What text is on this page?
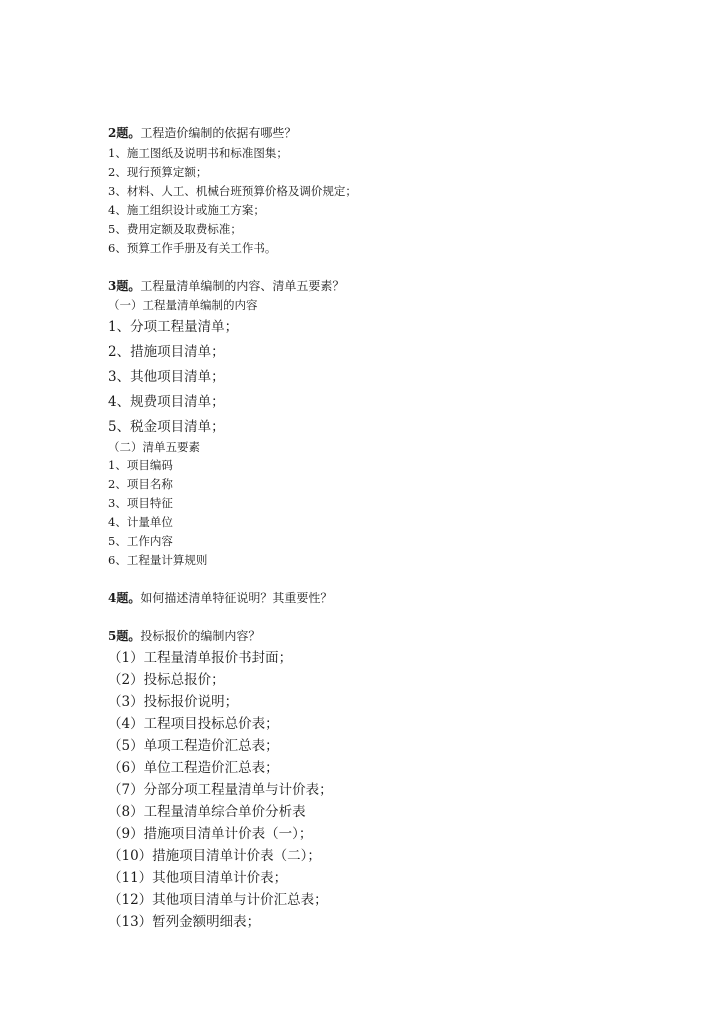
2题。工程造价编制的依据有哪些？
1、施工图纸及说明书和标准图集；
2、现行预算定额；
3、材料、人工、机械台班预算价格及调价规定；
4、施工组织设计或施工方案；
5、费用定额及取费标准；
6、预算工作手册及有关工作书。
3题。工程量清单编制的内容、清单五要素？
（一）工程量清单编制的内容
1、分项工程量清单；
2、措施项目清单；
3、其他项目清单；
4、规费项目清单；
5、税金项目清单；
（二）清单五要素
1、项目编码
2、项目名称
3、项目特征
4、计量单位
5、工作内容
6、工程量计算规则
4题。如何描述清单特征说明？其重要性？
5题。投标报价的编制内容？
（1）工程量清单报价书封面；
（2）投标总报价；
（3）投标报价说明；
（4）工程项目投标总价表；
（5）单项工程造价汇总表；
（6）单位工程造价汇总表；
（7）分部分项工程量清单与计价表；
（8）工程量清单综合单价分析表
（9）措施项目清单计价表（一）；
（10）措施项目清单计价表（二）；
（11）其他项目清单计价表；
（12）其他项目清单与计价汇总表；
（13）暂列金额明细表；
